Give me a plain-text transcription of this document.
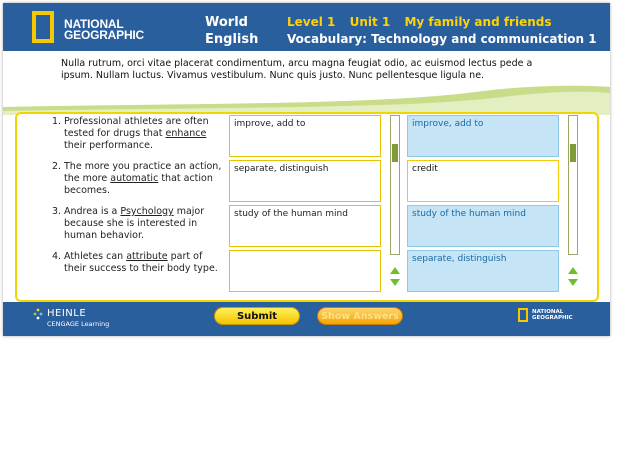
NATIONAL
GEOGRAPHIC
World
English
Level 1 Unit 1 My family and friends
Vocabulary: Technology and communication 1
Nulla rutrum, orci vitae placerat condimentum, arcu magna feugiat odio, ac euismod lectus pede a ipsum. Nullam luctus. Vivamus vestibulum. Nunc quis justo. Nunc pellentesque ligula ne.
1. Professional athletes are often tested for drugs that enhance their performance.
2. The more you practice an action, the more automatic that action becomes.
3. Andrea is a Psychology major because she is interested in human behavior.
4. Athletes can attribute part of their success to their body type.
improve, add to
separate, distinguish
study of the human mind
improve, add to
credit
study of the human mind
separate, distinguish
HEINLE
CENGAGE Learning
Submit	Show Answers	NATIONAL
GEOGRAPHIC
